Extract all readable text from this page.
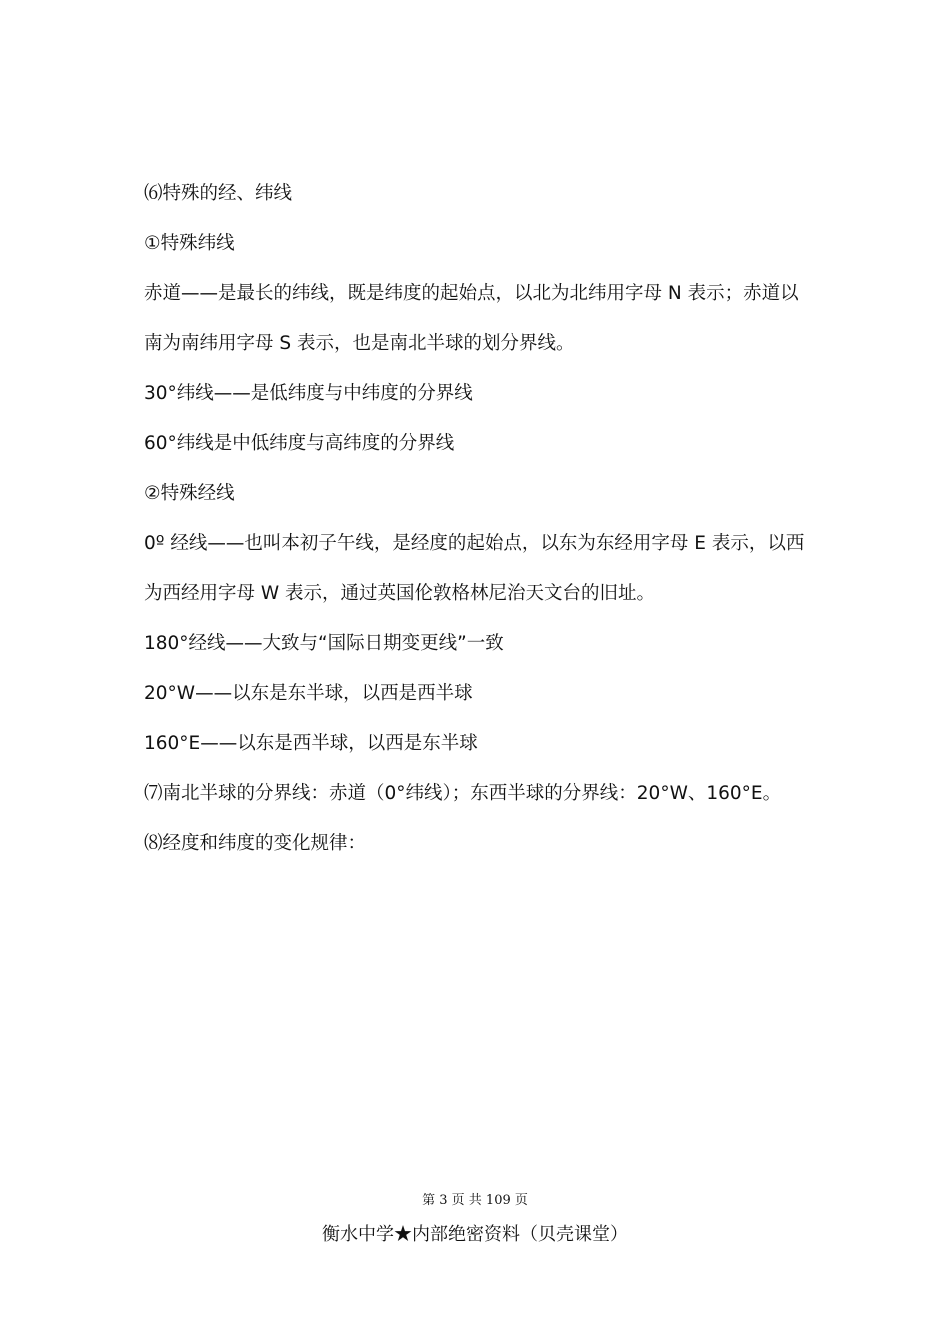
⑹特殊的经、纬线
①特殊纬线
赤道——是最长的纬线，既是纬度的起始点，以北为北纬用字母 N 表示；赤道以
南为南纬用字母 S 表示，也是南北半球的划分界线。
30°纬线——是低纬度与中纬度的分界线
60°纬线是中低纬度与高纬度的分界线
②特殊经线
0º 经线——也叫本初子午线，是经度的起始点，以东为东经用字母 E 表示，以西
为西经用字母 W 表示，通过英国伦敦格林尼治天文台的旧址。
180°经线——大致与“国际日期变更线”一致
20°W——以东是东半球，以西是西半球
160°E——以东是西半球，以西是东半球
⑺南北半球的分界线：赤道（0°纬线）；东西半球的分界线：20°W、160°E。
⑻经度和纬度的变化规律：
第 3 页 共 109 页
衡水中学★内部绝密资料（贝壳课堂）
